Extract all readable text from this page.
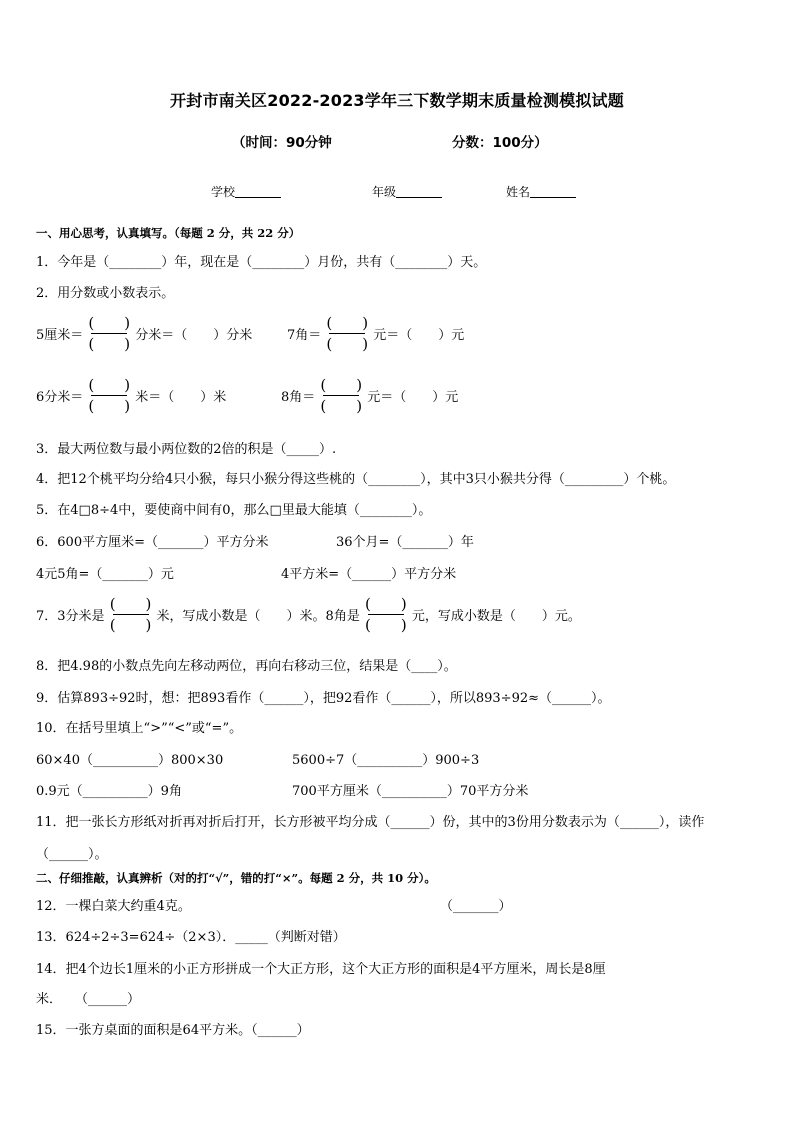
开封市南关区2022-2023学年三下数学期末质量检测模拟试题
（时间：90分钟	分数：100分）
学校	年级	姓名
一、用心思考，认真填写。（每题 2 分，共 22 分）
1．今年是（________）年，现在是（________）月份，共有（________）天。
2．用分数或小数表示。
5厘米＝ $\frac{( )}{( )}$ 分米＝（　　）分米	7角＝ $\frac{( )}{( )}$ 元＝（　　）元
6分米＝ $\frac{( )}{( )}$ 米＝（　　）米	8角＝ $\frac{( )}{( )}$ 元＝（　　）元
3．最大两位数与最小两位数的2倍的积是（_____）.
4．把12个桃平均分给4只小猴，每只小猴分得这些桃的（________），其中3只小猴共分得（_________）个桃。
5．在4□8÷4中，要使商中间有0，那么□里最大能填（________）。
6．600平方厘米=（_______）平方分米	36个月=（_______）年
4元5角=（_______）元	4平方米=（______）平方分米
7．3分米是 $\frac{( )}{( )}$ 米，写成小数是（　　）米。8角是 $\frac{( )}{( )}$ 元，写成小数是（　　）元。
8．把4.98的小数点先向左移动两位，再向右移动三位，结果是（____）。
9．估算893÷92时，想：把893看作（______），把92看作（______），所以893÷92≈（______）。
10．在括号里填上“>”“<”或“=”。
60×40（__________）800×30	5600÷7（__________）900÷3
0.9元（__________）9角	700平方厘米（__________）70平方分米
11．把一张长方形纸对折再对折后打开，长方形被平均分成（______）份，其中的3份用分数表示为（______），读作
（______）。
二、仔细推敲，认真辨析（对的打“√”，错的打“×”。每题 2 分，共 10 分）。
12．一棵白菜大约重4克。	（_______）
13．624÷2÷3=624÷（2×3）．_____（判断对错）
14．把4个边长1厘米的小正方形拼成一个大正方形，这个大正方形的面积是4平方厘米，周长是8厘
米．　　（______）
15．一张方桌面的面积是64平方米。（______）
